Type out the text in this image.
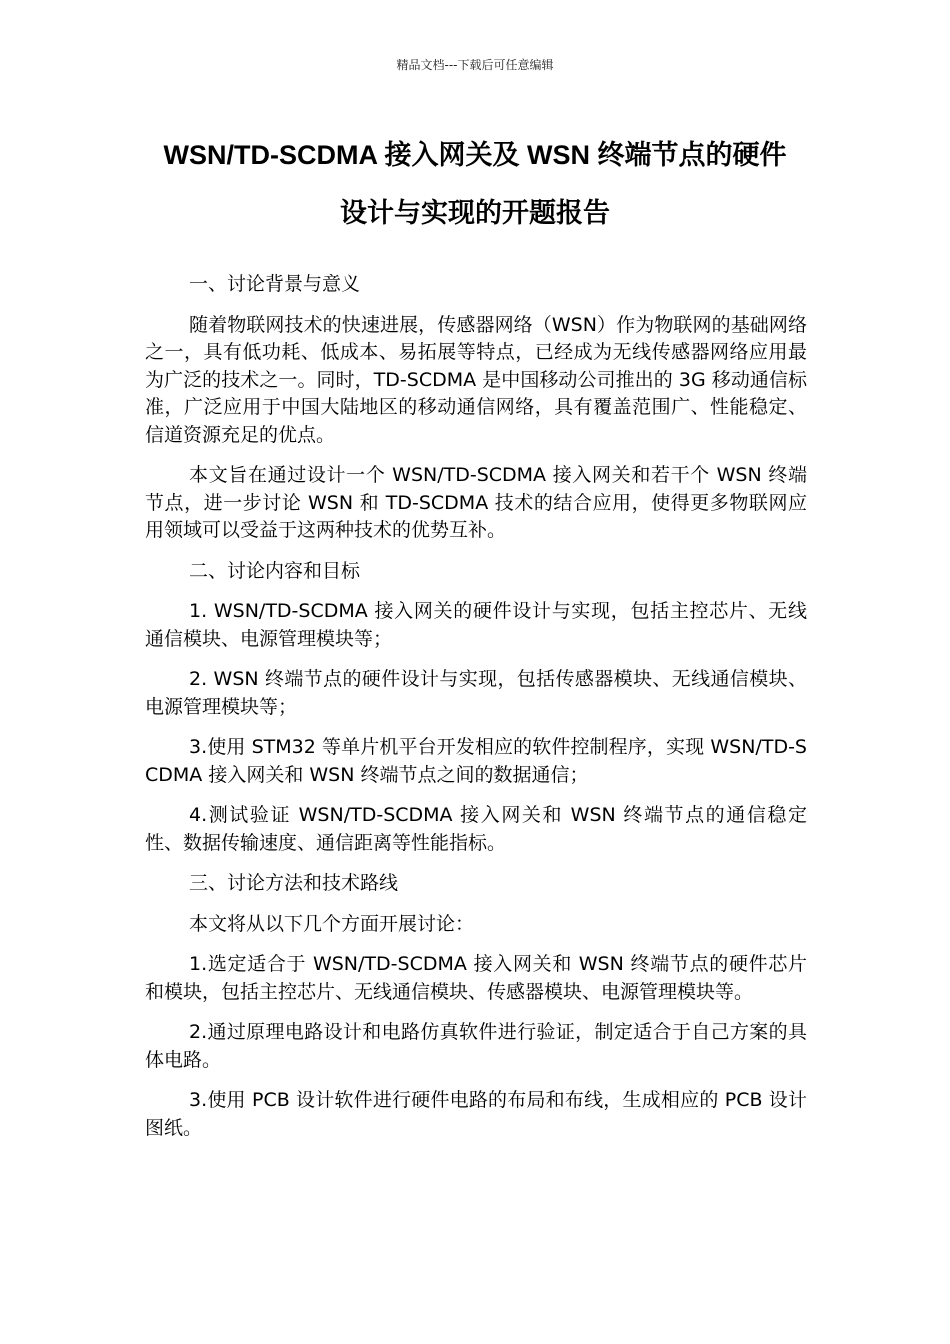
精品文档---下载后可任意编辑
WSN/TD-SCDMA 接入网关及 WSN 终端节点的硬件
设计与实现的开题报告

一、讨论背景与意义

随着物联网技术的快速进展，传感器网络（WSN）作为物联网的基础网络之一，具有低功耗、低成本、易拓展等特点，已经成为无线传感器网络应用最为广泛的技术之一。同时，TD-SCDMA 是中国移动公司推出的 3G 移动通信标准，广泛应用于中国大陆地区的移动通信网络，具有覆盖范围广、性能稳定、信道资源充足的优点。

本文旨在通过设计一个 WSN/TD-SCDMA 接入网关和若干个 WSN 终端节点，进一步讨论 WSN 和 TD-SCDMA 技术的结合应用，使得更多物联网应用领域可以受益于这两种技术的优势互补。

二、讨论内容和目标

1. WSN/TD-SCDMA 接入网关的硬件设计与实现，包括主控芯片、无线通信模块、电源管理模块等；

2. WSN 终端节点的硬件设计与实现，包括传感器模块、无线通信模块、电源管理模块等；

3.使用 STM32 等单片机平台开发相应的软件控制程序，实现 WSN/TD-SCDMA 接入网关和 WSN 终端节点之间的数据通信；

4.测试验证 WSN/TD-SCDMA 接入网关和 WSN 终端节点的通信稳定性、数据传输速度、通信距离等性能指标。

三、讨论方法和技术路线

本文将从以下几个方面开展讨论：

1.选定适合于 WSN/TD-SCDMA 接入网关和 WSN 终端节点的硬件芯片和模块，包括主控芯片、无线通信模块、传感器模块、电源管理模块等。

2.通过原理电路设计和电路仿真软件进行验证，制定适合于自己方案的具体电路。

3.使用 PCB 设计软件进行硬件电路的布局和布线，生成相应的 PCB 设计图纸。
